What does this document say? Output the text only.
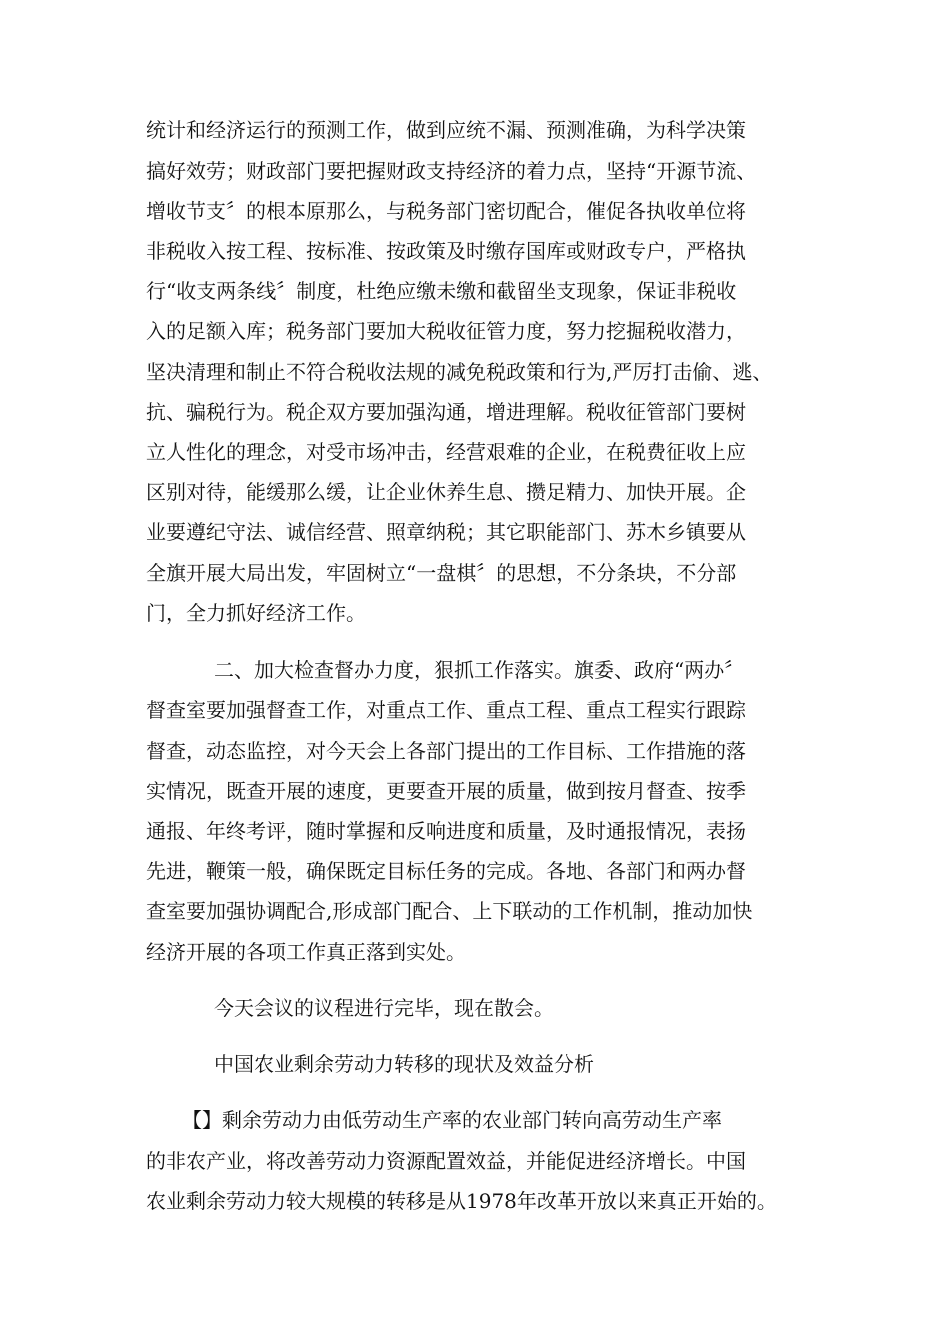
统计和经济运行的预测工作，做到应统不漏、预测准确，为科学决策
搞好效劳；财政部门要把握财政支持经济的着力点，坚持“开源节流、
增收节支〞的根本原那么，与税务部门密切配合，催促各执收单位将
非税收入按工程、按标准、按政策及时缴存国库或财政专户，严格执
行“收支两条线〞制度，杜绝应缴未缴和截留坐支现象，保证非税收
入的足额入库；税务部门要加大税收征管力度，努力挖掘税收潜力，
坚决清理和制止不符合税收法规的减免税政策和行为,严厉打击偷、逃、
抗、骗税行为。税企双方要加强沟通，增进理解。税收征管部门要树
立人性化的理念，对受市场冲击，经营艰难的企业，在税费征收上应
区别对待，能缓那么缓，让企业休养生息、攒足精力、加快开展。企
业要遵纪守法、诚信经营、照章纳税；其它职能部门、苏木乡镇要从
全旗开展大局出发，牢固树立“一盘棋〞的思想，不分条块，不分部
门，全力抓好经济工作。
二、加大检查督办力度，狠抓工作落实。旗委、政府“两办〞
督查室要加强督查工作，对重点工作、重点工程、重点工程实行跟踪
督查，动态监控，对今天会上各部门提出的工作目标、工作措施的落
实情况，既查开展的速度，更要查开展的质量，做到按月督查、按季
通报、年终考评，随时掌握和反响进度和质量，及时通报情况，表扬
先进，鞭策一般，确保既定目标任务的完成。各地、各部门和两办督
查室要加强协调配合,形成部门配合、上下联动的工作机制，推动加快
经济开展的各项工作真正落到实处。
今天会议的议程进行完毕，现在散会。
中国农业剩余劳动力转移的现状及效益分析
【】剩余劳动力由低劳动生产率的农业部门转向高劳动生产率
的非农产业，将改善劳动力资源配置效益，并能促进经济增长。中国
农业剩余劳动力较大规模的转移是从1978年改革开放以来真正开始的。
